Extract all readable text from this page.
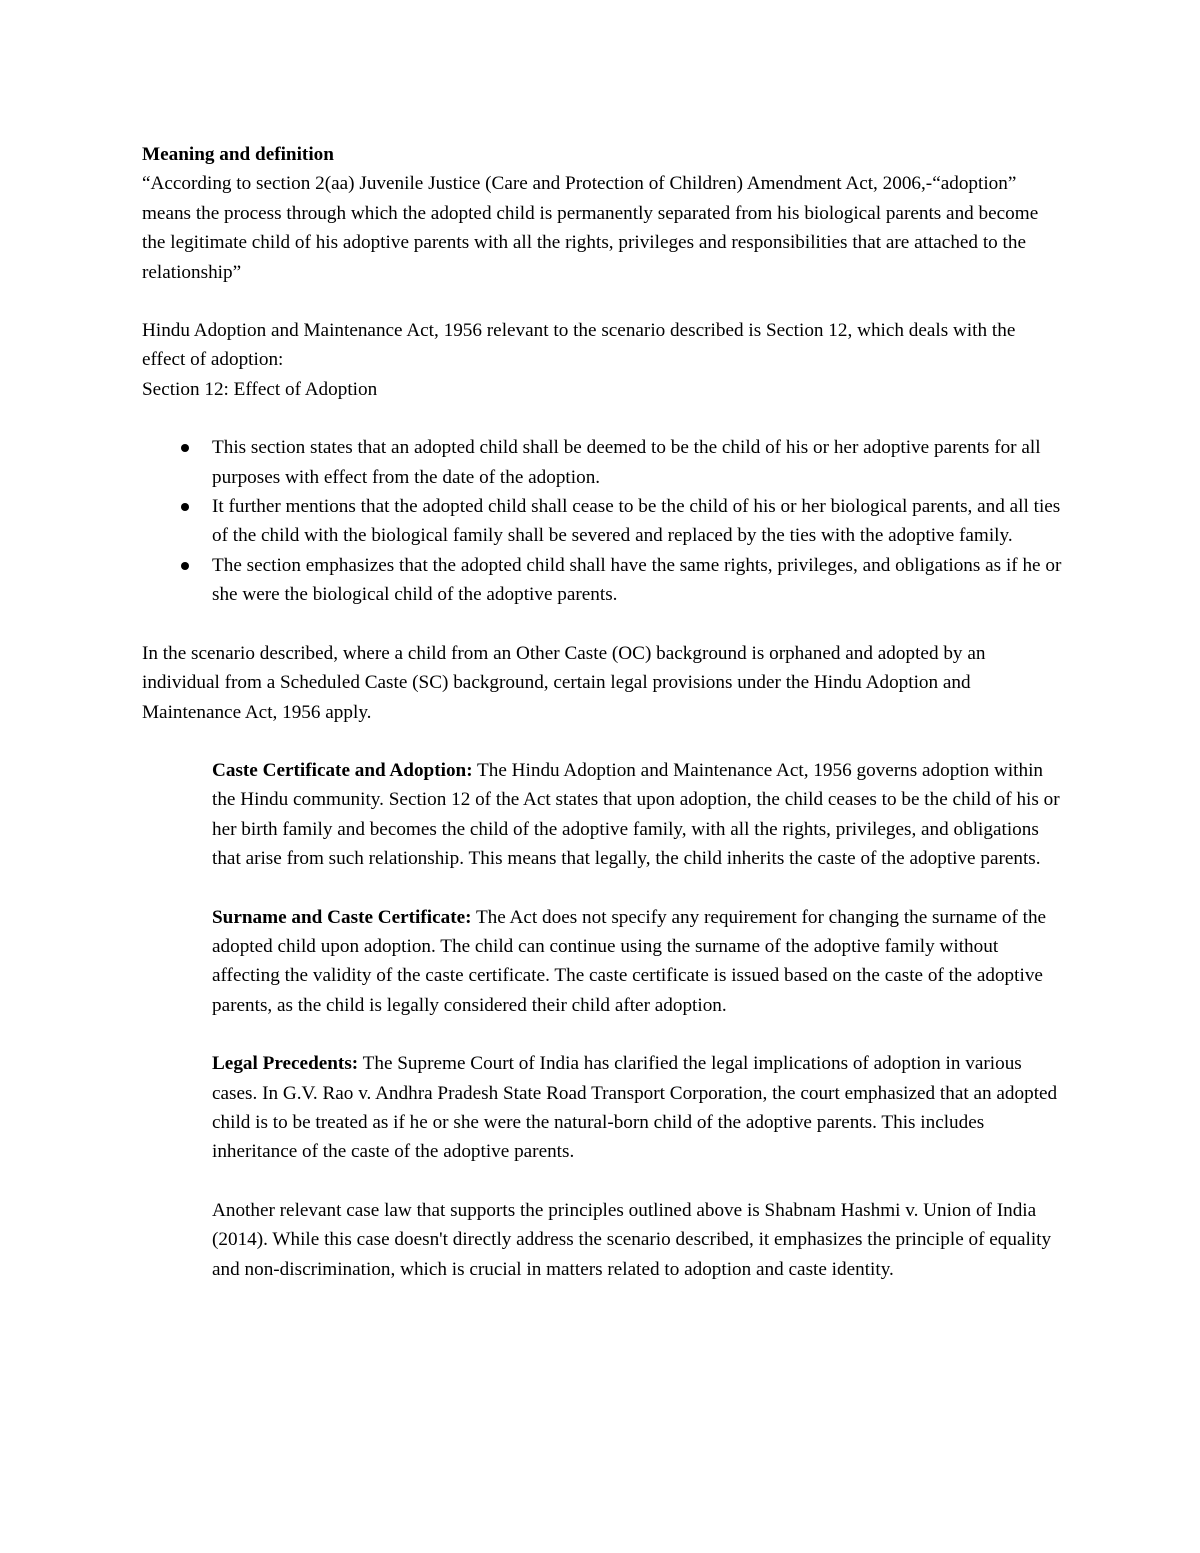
Meaning and definition

“According to section 2(aa) Juvenile Justice (Care and Protection of Children) Amendment Act, 2006,-“adoption” means the process through which the adopted child is permanently separated from his biological parents and become the legitimate child of his adoptive parents with all the rights, privileges and responsibilities that are attached to the relationship”

Hindu Adoption and Maintenance Act, 1956 relevant to the scenario described is Section 12, which deals with the effect of adoption:

Section 12: Effect of Adoption

This section states that an adopted child shall be deemed to be the child of his or her adoptive parents for all purposes with effect from the date of the adoption.
It further mentions that the adopted child shall cease to be the child of his or her biological parents, and all ties of the child with the biological family shall be severed and replaced by the ties with the adoptive family.
The section emphasizes that the adopted child shall have the same rights, privileges, and obligations as if he or she were the biological child of the adoptive parents.

In the scenario described, where a child from an Other Caste (OC) background is orphaned and adopted by an individual from a Scheduled Caste (SC) background, certain legal provisions under the Hindu Adoption and Maintenance Act, 1956 apply.

Caste Certificate and Adoption: The Hindu Adoption and Maintenance Act, 1956 governs adoption within the Hindu community. Section 12 of the Act states that upon adoption, the child ceases to be the child of his or her birth family and becomes the child of the adoptive family, with all the rights, privileges, and obligations that arise from such relationship. This means that legally, the child inherits the caste of the adoptive parents.

Surname and Caste Certificate: The Act does not specify any requirement for changing the surname of the adopted child upon adoption. The child can continue using the surname of the adoptive family without affecting the validity of the caste certificate. The caste certificate is issued based on the caste of the adoptive parents, as the child is legally considered their child after adoption.

Legal Precedents: The Supreme Court of India has clarified the legal implications of adoption in various cases. In G.V. Rao v. Andhra Pradesh State Road Transport Corporation, the court emphasized that an adopted child is to be treated as if he or she were the natural-born child of the adoptive parents. This includes inheritance of the caste of the adoptive parents.

Another relevant case law that supports the principles outlined above is Shabnam Hashmi v. Union of India (2014). While this case doesn't directly address the scenario described, it emphasizes the principle of equality and non-discrimination, which is crucial in matters related to adoption and caste identity.
